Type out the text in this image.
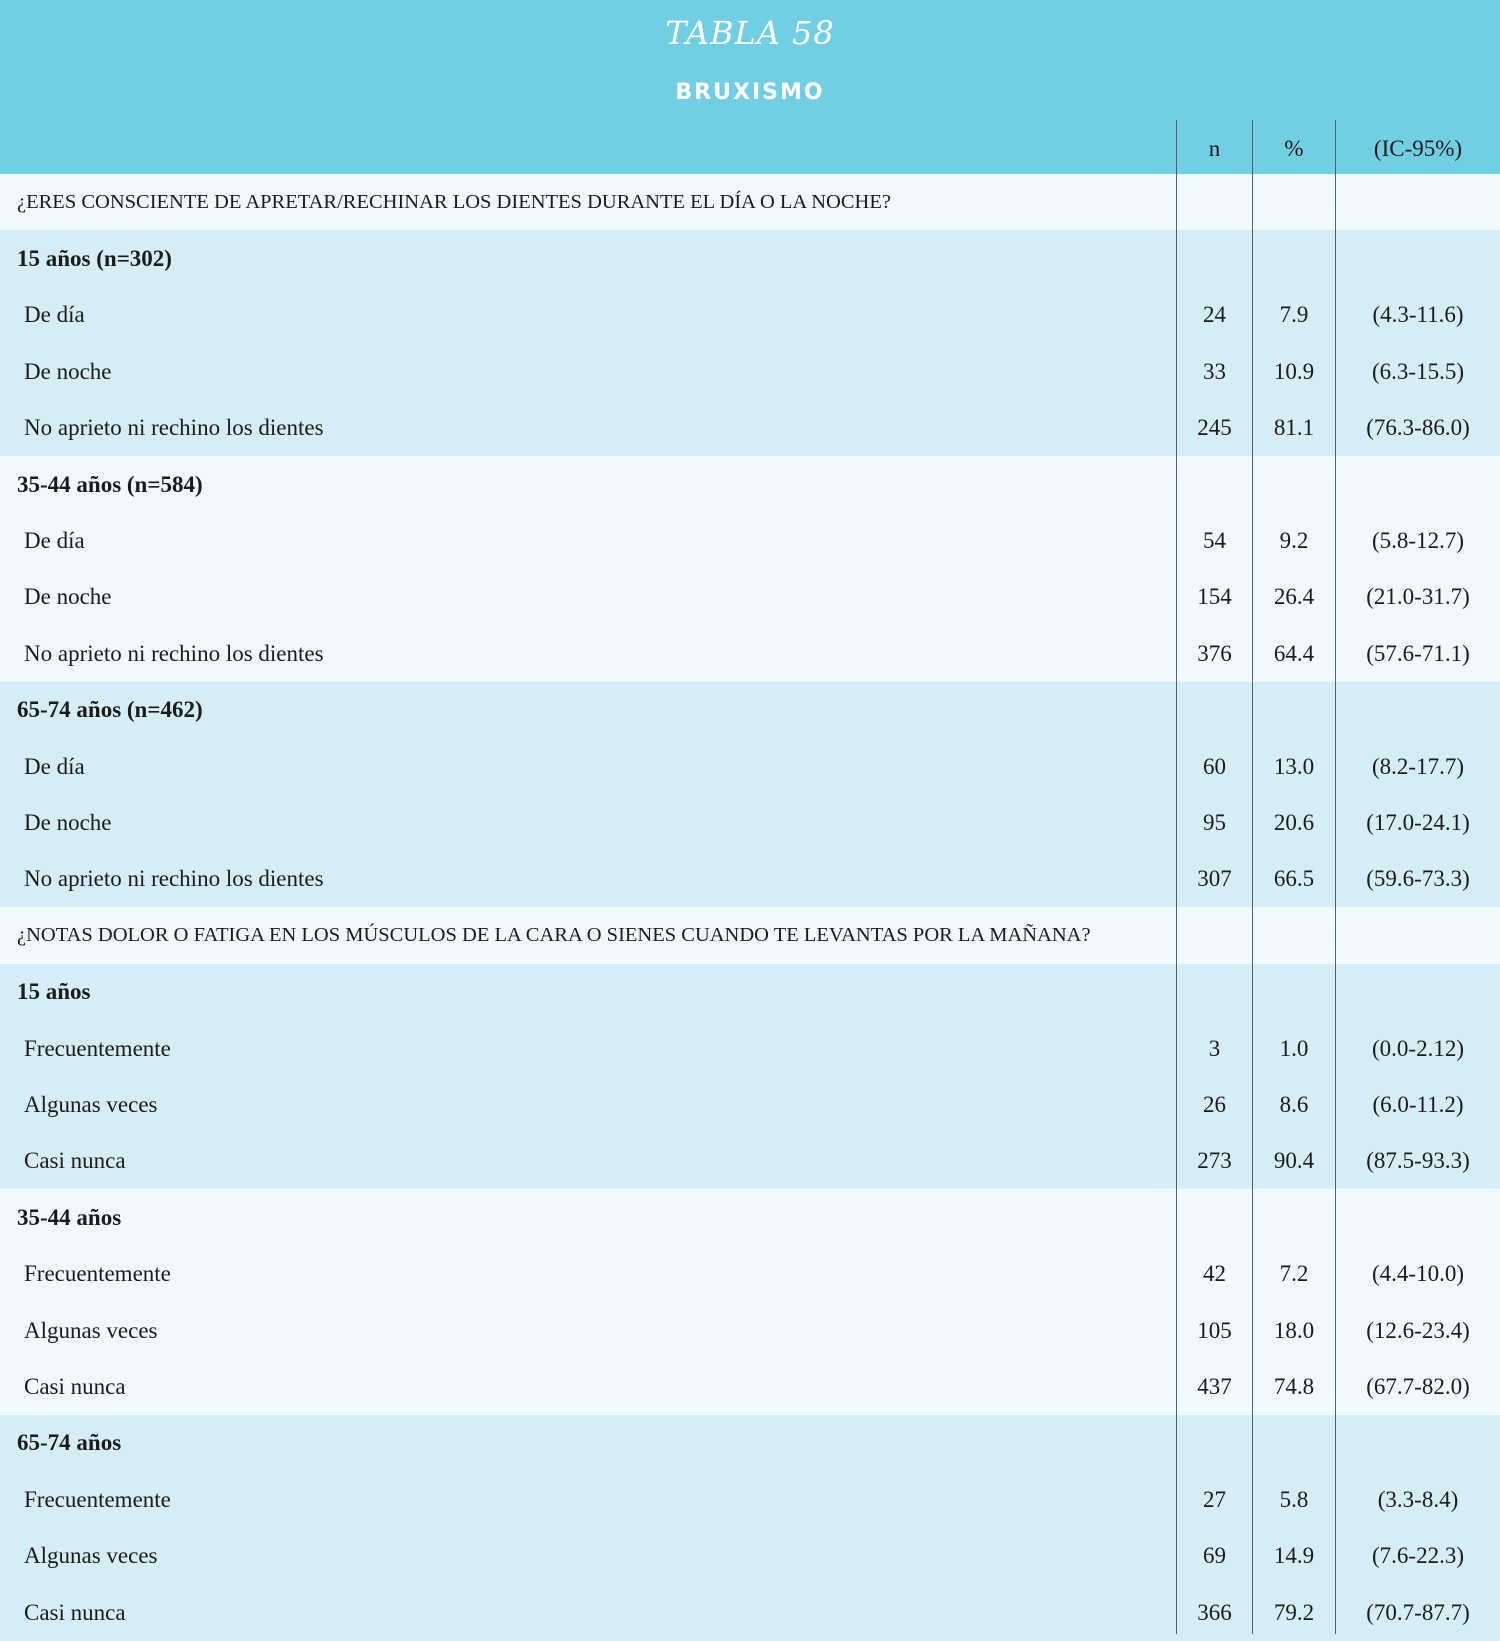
TABLA 58
BRUXISMO
n	%	(IC-95%)
¿ERES CONSCIENTE DE APRETAR/RECHINAR LOS DIENTES DURANTE EL DÍA O LA NOCHE?
15 años (n=302)
De día	24	7.9	(4.3-11.6)
De noche	33	10.9	(6.3-15.5)
No aprieto ni rechino los dientes	245	81.1	(76.3-86.0)
35-44 años (n=584)
De día	54	9.2	(5.8-12.7)
De noche	154	26.4	(21.0-31.7)
No aprieto ni rechino los dientes	376	64.4	(57.6-71.1)
65-74 años (n=462)
De día	60	13.0	(8.2-17.7)
De noche	95	20.6	(17.0-24.1)
No aprieto ni rechino los dientes	307	66.5	(59.6-73.3)
¿NOTAS DOLOR O FATIGA EN LOS MÚSCULOS DE LA CARA O SIENES CUANDO TE LEVANTAS POR LA MAÑANA?
15 años
Frecuentemente	3	1.0	(0.0-2.12)
Algunas veces	26	8.6	(6.0-11.2)
Casi nunca	273	90.4	(87.5-93.3)
35-44 años
Frecuentemente	42	7.2	(4.4-10.0)
Algunas veces	105	18.0	(12.6-23.4)
Casi nunca	437	74.8	(67.7-82.0)
65-74 años
Frecuentemente	27	5.8	(3.3-8.4)
Algunas veces	69	14.9	(7.6-22.3)
Casi nunca	366	79.2	(70.7-87.7)
